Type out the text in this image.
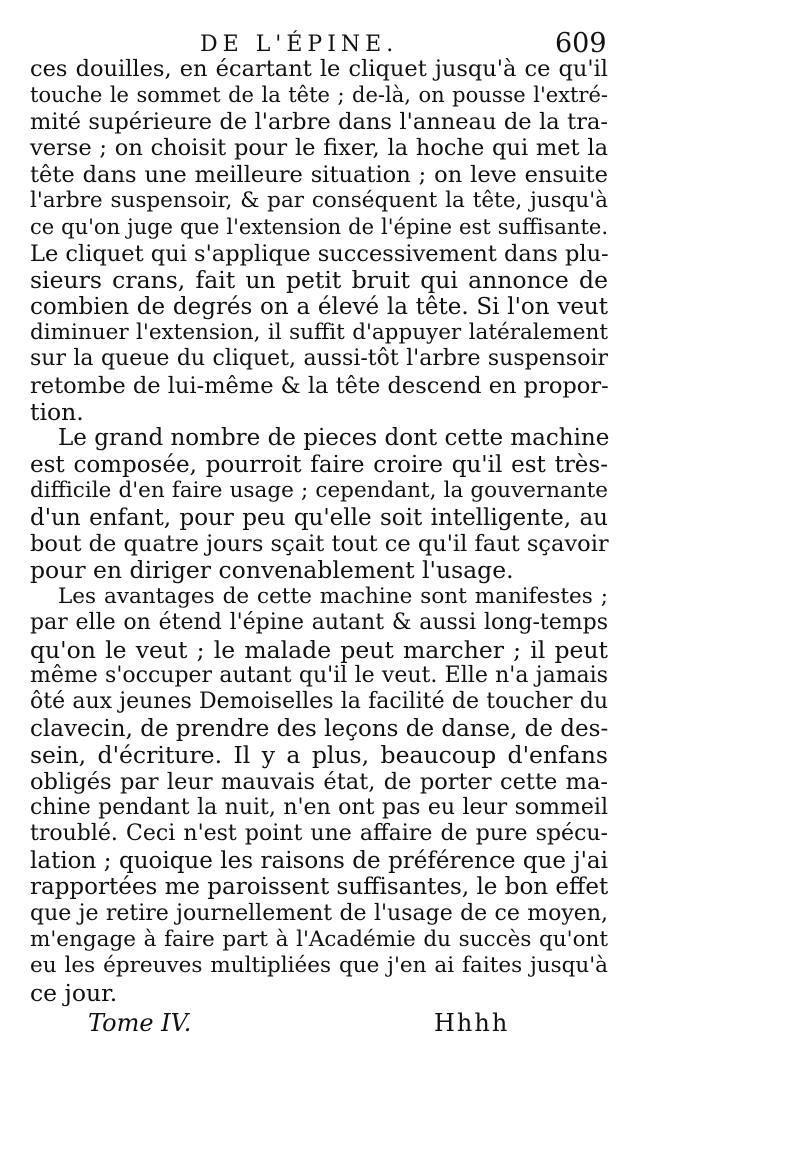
DE L'ÉPINE.	609
ces douilles, en écartant le cliquet jusqu'à ce qu'il
touche le sommet de la tête ; de-là, on pousse l'extré-
mité supérieure de l'arbre dans l'anneau de la tra-
verse ; on choisit pour le fixer, la hoche qui met la
tête dans une meilleure situation ; on leve ensuite
l'arbre suspensoir, & par conséquent la tête, jusqu'à
ce qu'on juge que l'extension de l'épine est suffisante.
Le cliquet qui s'applique successivement dans plu-
sieurs crans, fait un petit bruit qui annonce de
combien de degrés on a élevé la tête. Si l'on veut
diminuer l'extension, il suffit d'appuyer latéralement
sur la queue du cliquet, aussi-tôt l'arbre suspensoir
retombe de lui-même & la tête descend en propor-
tion.
Le grand nombre de pieces dont cette machine
est composée, pourroit faire croire qu'il est très-
difficile d'en faire usage ; cependant, la gouvernante
d'un enfant, pour peu qu'elle soit intelligente, au
bout de quatre jours sçait tout ce qu'il faut sçavoir
pour en diriger convenablement l'usage.
Les avantages de cette machine sont manifestes ;
par elle on étend l'épine autant & aussi long-temps
qu'on le veut ; le malade peut marcher ; il peut
même s'occuper autant qu'il le veut. Elle n'a jamais
ôté aux jeunes Demoiselles la facilité de toucher du
clavecin, de prendre des leçons de danse, de des-
sein, d'écriture. Il y a plus, beaucoup d'enfans
obligés par leur mauvais état, de porter cette ma-
chine pendant la nuit, n'en ont pas eu leur sommeil
troublé. Ceci n'est point une affaire de pure spécu-
lation ; quoique les raisons de préférence que j'ai
rapportées me paroissent suffisantes, le bon effet
que je retire journellement de l'usage de ce moyen,
m'engage à faire part à l'Académie du succès qu'ont
eu les épreuves multipliées que j'en ai faites jusqu'à
ce jour.
Tome IV.	Hhhh
